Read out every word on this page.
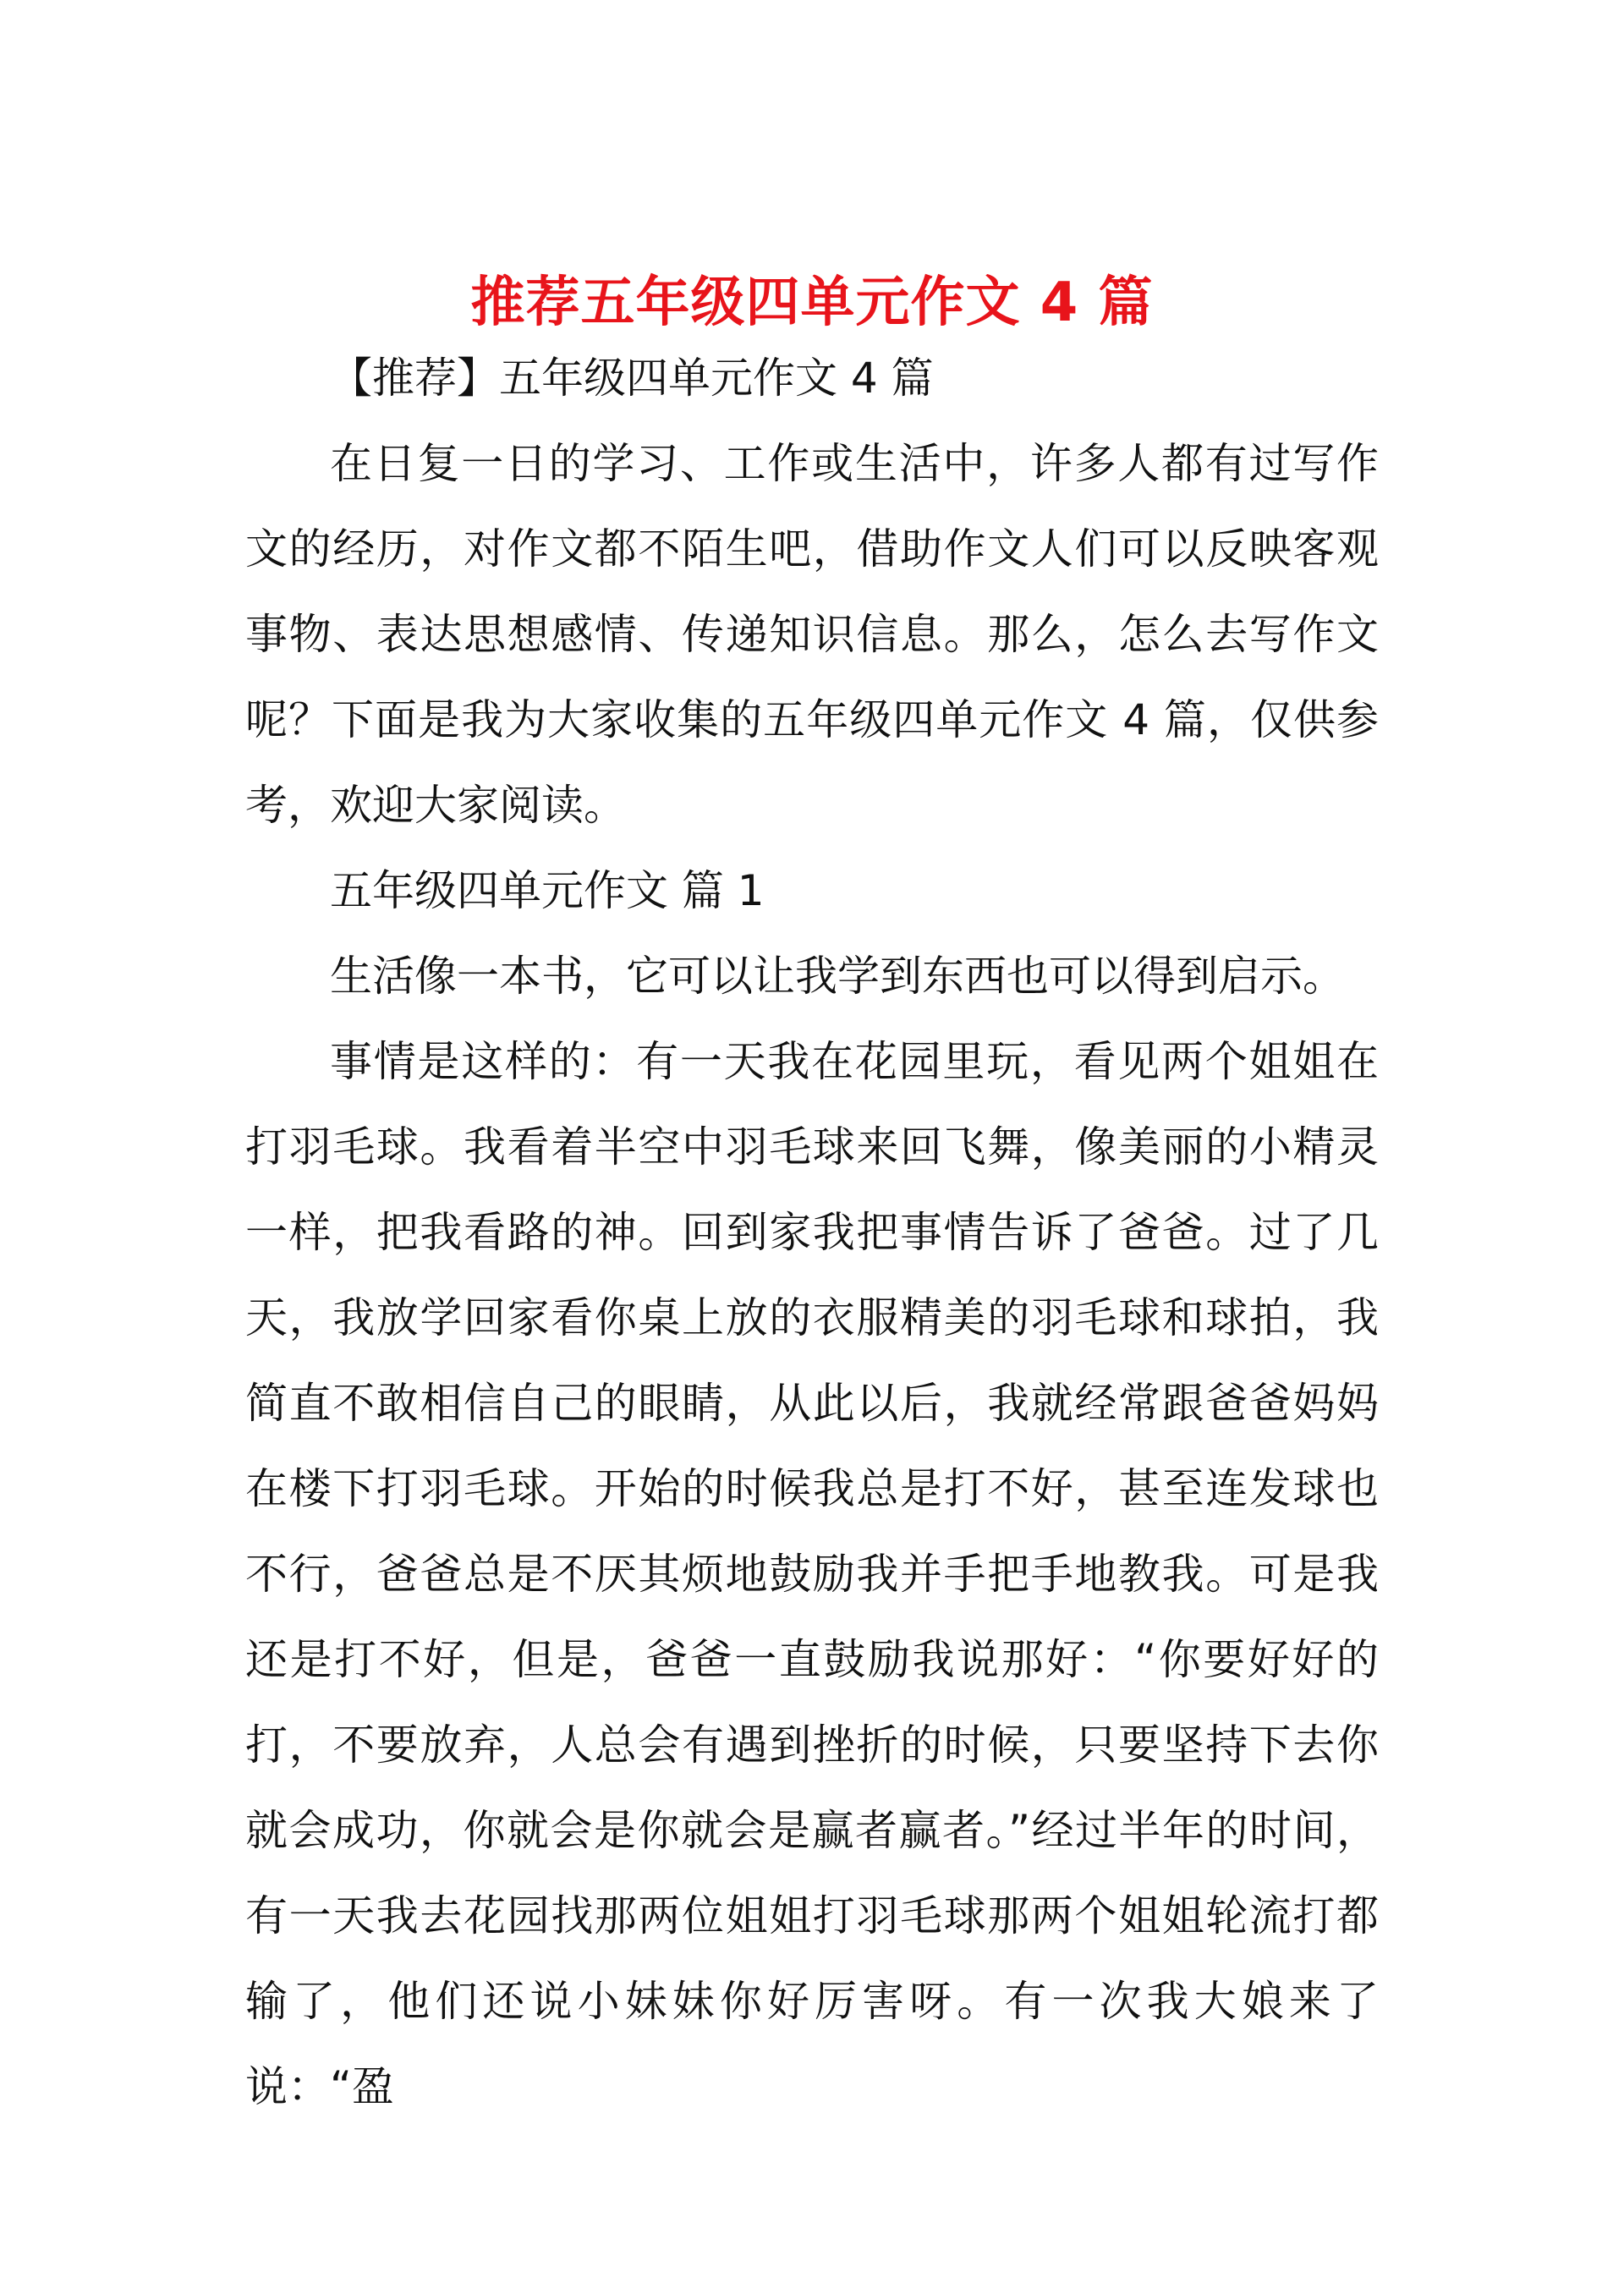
推荐五年级四单元作文 4 篇

【推荐】五年级四单元作文 4 篇

在日复一日的学习、工作或生活中，许多人都有过写作文的经历，对作文都不陌生吧，借助作文人们可以反映客观事物、表达思想感情、传递知识信息。那么，怎么去写作文呢？下面是我为大家收集的五年级四单元作文 4 篇，仅供参考，欢迎大家阅读。

五年级四单元作文 篇 1

生活像一本书，它可以让我学到东西也可以得到启示。

事情是这样的：有一天我在花园里玩，看见两个姐姐在打羽毛球。我看着半空中羽毛球来回飞舞，像美丽的小精灵一样，把我看路的神。回到家我把事情告诉了爸爸。过了几天，我放学回家看你桌上放的衣服精美的羽毛球和球拍，我简直不敢相信自己的眼睛，从此以后，我就经常跟爸爸妈妈在楼下打羽毛球。开始的时候我总是打不好，甚至连发球也不行，爸爸总是不厌其烦地鼓励我并手把手地教我。可是我还是打不好，但是，爸爸一直鼓励我说那好：“你要好好的打，不要放弃，人总会有遇到挫折的时候，只要坚持下去你就会成功，你就会是你就会是赢者赢者。”经过半年的时间，有一天我去花园找那两位姐姐打羽毛球那两个姐姐轮流打都输了，他们还说小妹妹你好厉害呀。有一次我大娘来了说：“盈
